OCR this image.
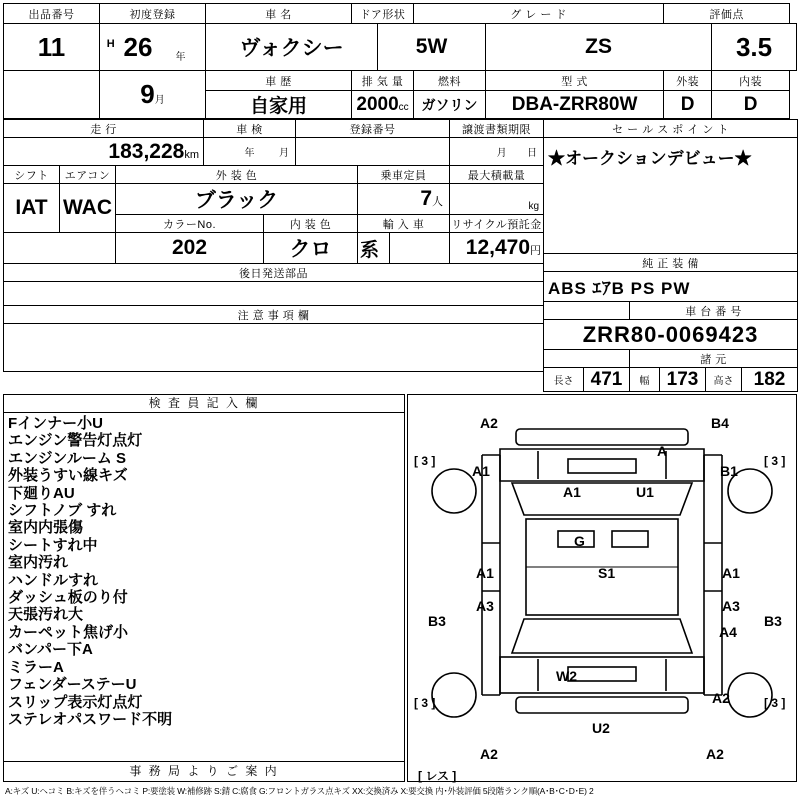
出品番号	初度登録			車 名	ドア形状		グ レ ー ド		評価点	
11	$^H$	26	年	ヴォクシー		5W		ZS		3.5
	9月			車 歴	排 気 量		燃料	型 式	外装	内装
				自家用	2000cc		ガソリン	DBA-ZRR80W	D	D
走 行			車 検		登録番号			譲渡書類期限
183,228km			年 月					月 日
シフト	エアコン	外 装 色				乗車定員		最大積載量
IAT	WAC	ブラック				7人		kg
		カラーNo.		内 装 色		輸 入 車		リサイクル預託金
		202		クロ		系		12,470円
後日発送部品								

注 意 事 項 欄								

セ ー ル ス ポ イ ン ト					

★オークションデビュー★					

純 正 装 備					

ABS ｴｱB PS PW					

		車 台 番 号			

ZRR80-0069423					

		諸 元			
長さ	471	幅	173	高さ	182
検 査 員 記 入 欄
Fインナー小U
エンジン警告灯点灯
エンジンルーム S
外装うすい線キズ
下廻りAU
シフトノブ すれ
室内内張傷
シートすれ中
室内汚れ
ハンドルすれ
ダッシュ板のり付
天張汚れ大
カーペット焦げ小
バンパー下A
ミラーA
フェンダーステーU
スリップ表示灯点灯
ステレオパスワード不明
事 務 局 よ り ご 案 内
A2	B4
A
[ 3 ]	[ 3 ]
A1	B1
A1	U1
G
S1
A1	A1
A3	A3
B3
A4
B3
W2
A2
[ 3 ]	[ 3 ]
U2
A2	A2
[ レス ]
A:キズ U:ヘコミ B:キズを伴うヘコミ P:要塗装 W:補修跡 S:錆 C:腐食 G:フロントガラス点キズ XX:交換済み X:要交換 内･外装評価 5段階ランク順(A･B･C･D･E) 2
